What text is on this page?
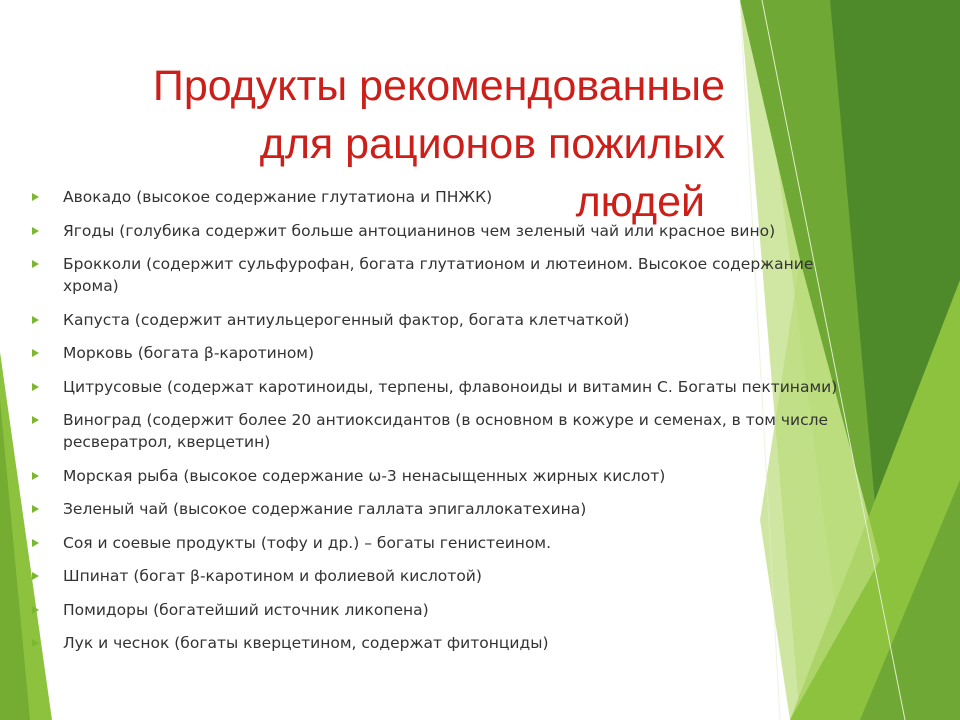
Продукты рекомендованные
для рационов пожилых
людей
Авокадо (высокое содержание глутатиона и ПНЖК)
Ягоды (голубика содержит больше антоцианинов чем зеленый чай или красное вино)
Брокколи (содержит сульфурофан, богата глутатионом и лютеином. Высокое содержание хрома)
Капуста (содержит антиульцерогенный фактор, богата клетчаткой)
Морковь (богата β-каротином)
Цитрусовые (содержат каротиноиды, терпены, флавоноиды и витамин С. Богаты пектинами)
Виноград (содержит более 20 антиоксидантов (в основном в кожуре и семенах, в том числе ресвератрол, кверцетин)
Морская рыба (высокое содержание ω-3 ненасыщенных жирных кислот)
Зеленый чай (высокое содержание галлата эпигаллокатехина)
Соя и соевые продукты (тофу и др.) – богаты генистеином.
Шпинат (богат β-каротином и фолиевой кислотой)
Помидоры (богатейший источник ликопена)
Лук и чеснок (богаты кверцетином, содержат фитонциды)
